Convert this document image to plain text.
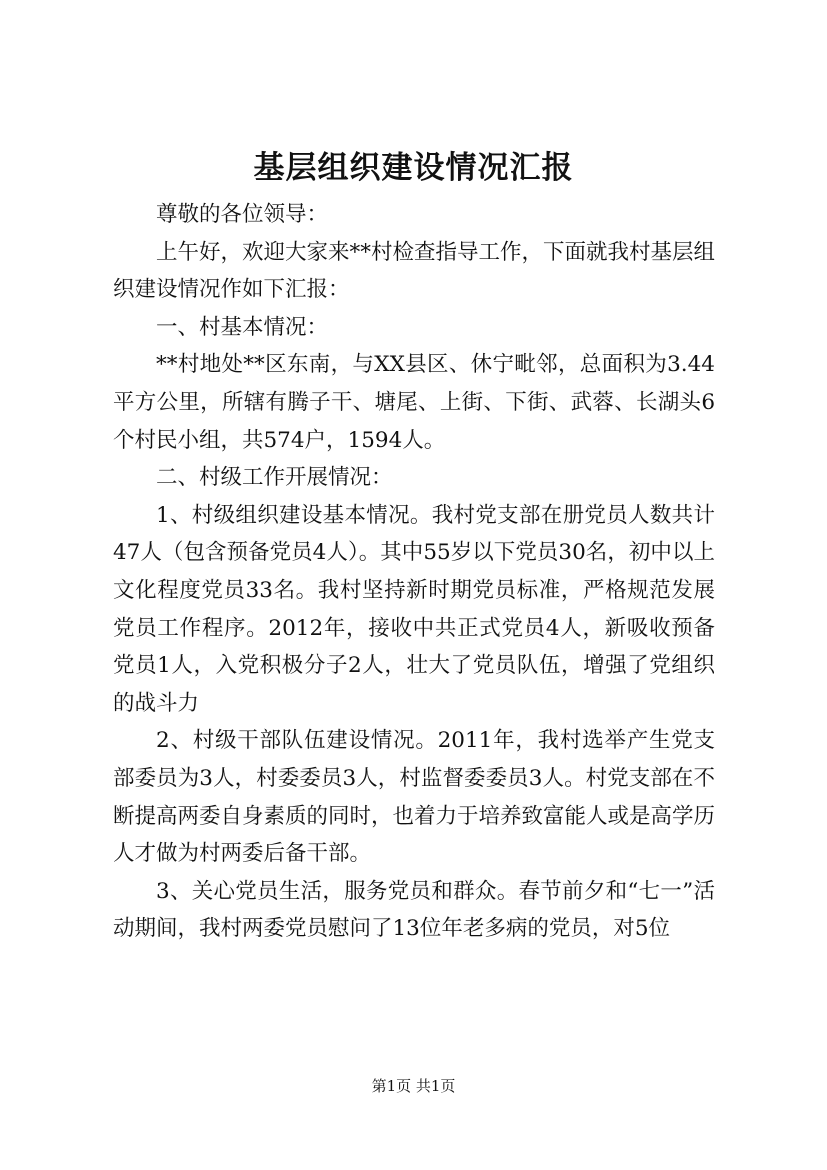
基层组织建设情况汇报

尊敬的各位领导：

上午好，欢迎大家来**村检查指导工作，下面就我村基层组织建设情况作如下汇报：

一、村基本情况：

**村地处**区东南，与XX县区、休宁毗邻，总面积为3.44平方公里，所辖有腾子干、塘尾、上街、下街、武蓉、长湖头6个村民小组，共574户，1594人。

二、村级工作开展情况：

1、村级组织建设基本情况。我村党支部在册党员人数共计47人（包含预备党员4人）。其中55岁以下党员30名，初中以上文化程度党员33名。我村坚持新时期党员标准，严格规范发展党员工作程序。2012年，接收中共正式党员4人，新吸收预备党员1人，入党积极分子2人，壮大了党员队伍，增强了党组织的战斗力

2、村级干部队伍建设情况。2011年，我村选举产生党支部委员为3人，村委委员3人，村监督委委员3人。村党支部在不断提高两委自身素质的同时，也着力于培养致富能人或是高学历人才做为村两委后备干部。

3、关心党员生活，服务党员和群众。春节前夕和“七一”活动期间，我村两委党员慰问了13位年老多病的党员，对5位

第1页 共1页
